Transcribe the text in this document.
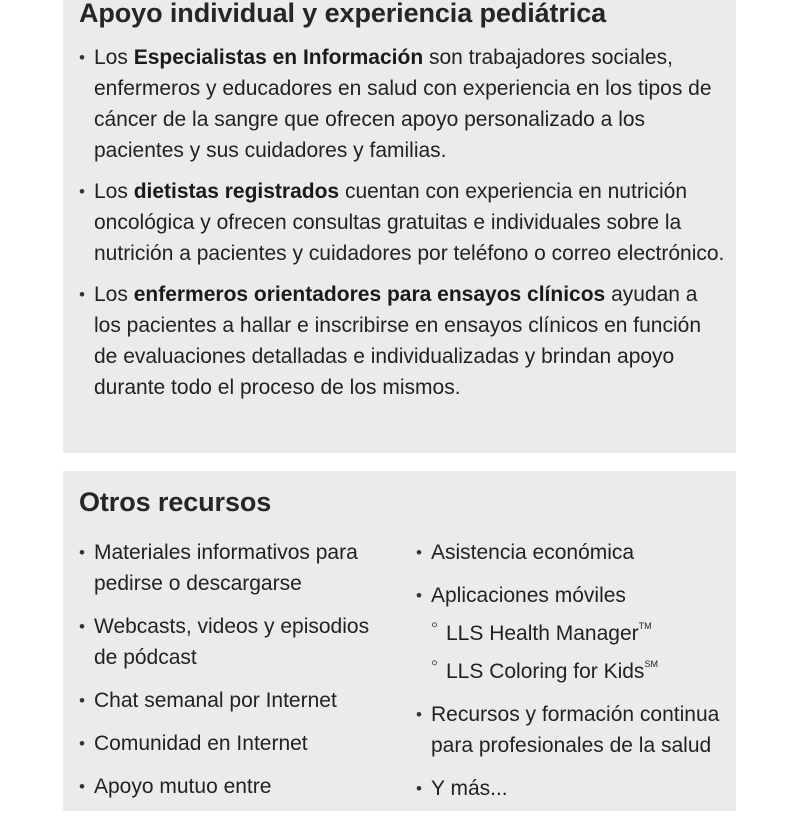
Apoyo individual y experiencia pediátrica
• Los Especialistas en Información son trabajadores sociales, enfermeros y educadores en salud con experiencia en los tipos de cáncer de la sangre que ofrecen apoyo personalizado a los pacientes y sus cuidadores y familias.
• Los dietistas registrados cuentan con experiencia en nutrición oncológica y ofrecen consultas gratuitas e individuales sobre la nutrición a pacientes y cuidadores por teléfono o correo electrónico.
• Los enfermeros orientadores para ensayos clínicos ayudan a los pacientes a hallar e inscribirse en ensayos clínicos en función de evaluaciones detalladas e individualizadas y brindan apoyo durante todo el proceso de los mismos.
Otros recursos
• Materiales informativos para pedirse o descargarse
• Webcasts, videos y episodios de pódcast
• Chat semanal por Internet
• Comunidad en Internet
• Apoyo mutuo entre
• Asistencia económica
• Aplicaciones móviles
◦ LLS Health Manager™
◦ LLS Coloring for Kids℠
• Recursos y formación continua para profesionales de la salud
• Y más...
